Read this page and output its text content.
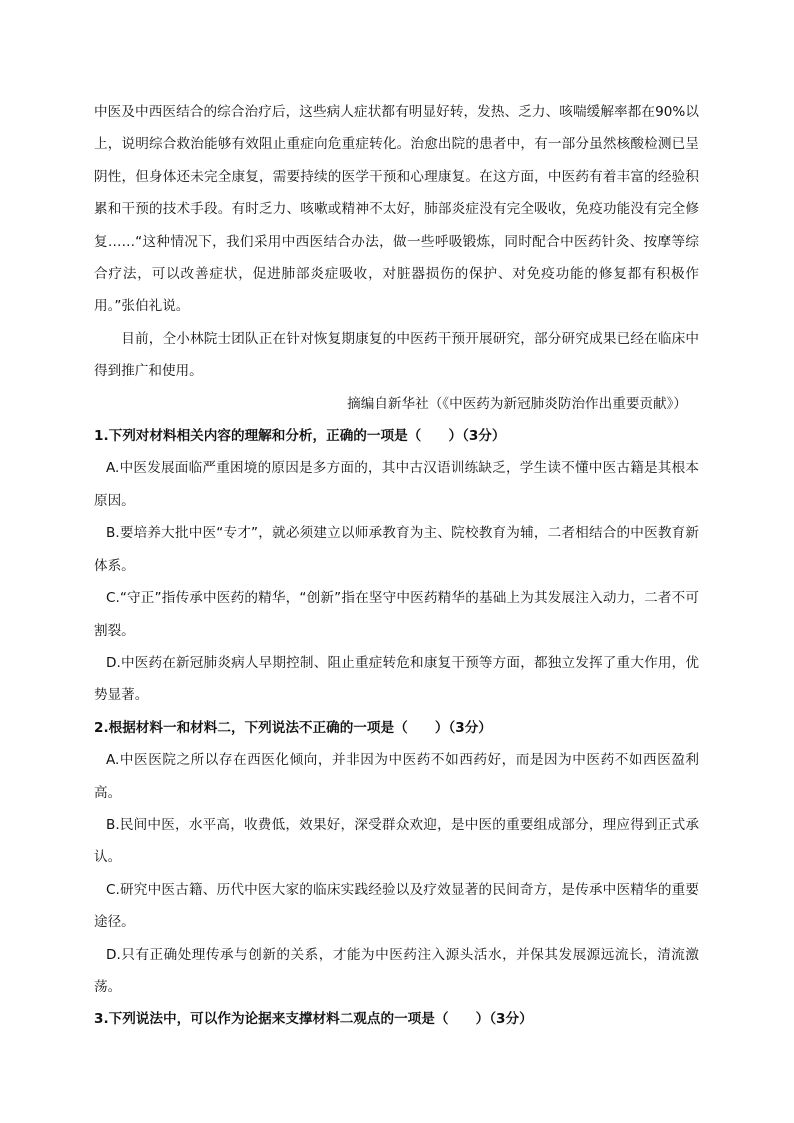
中医及中西医结合的综合治疗后，这些病人症状都有明显好转，发热、乏力、咳喘缓解率都在90%以上，说明综合救治能够有效阻止重症向危重症转化。治愈出院的患者中，有一部分虽然核酸检测已呈阴性，但身体还未完全康复，需要持续的医学干预和心理康复。在这方面，中医药有着丰富的经验积累和干预的技术手段。有时乏力、咳嗽或精神不太好，肺部炎症没有完全吸收，免疫功能没有完全修复……“这种情况下，我们采用中西医结合办法，做一些呼吸锻炼，同时配合中医药针灸、按摩等综合疗法，可以改善症状，促进肺部炎症吸收，对脏器损伤的保护、对免疫功能的修复都有积极作用。”张伯礼说。

目前，仝小林院士团队正在针对恢复期康复的中医药干预开展研究，部分研究成果已经在临床中得到推广和使用。

摘编自新华社（《中医药为新冠肺炎防治作出重要贡献》）

1.下列对材料相关内容的理解和分析，正确的一项是（　　）（3分）

A.中医发展面临严重困境的原因是多方面的，其中古汉语训练缺乏，学生读不懂中医古籍是其根本原因。

B.要培养大批中医“专才”，就必须建立以师承教育为主、院校教育为辅，二者相结合的中医教育新体系。

C.“守正”指传承中医药的精华，“创新”指在坚守中医药精华的基础上为其发展注入动力，二者不可割裂。

D.中医药在新冠肺炎病人早期控制、阻止重症转危和康复干预等方面，都独立发挥了重大作用，优势显著。

2.根据材料一和材料二，下列说法不正确的一项是（　　）（3分）

A.中医医院之所以存在西医化倾向，并非因为中医药不如西药好，而是因为中医药不如西医盈利高。

B.民间中医，水平高，收费低，效果好，深受群众欢迎，是中医的重要组成部分，理应得到正式承认。

C.研究中医古籍、历代中医大家的临床实践经验以及疗效显著的民间奇方，是传承中医精华的重要途径。

D.只有正确处理传承与创新的关系，才能为中医药注入源头活水，并保其发展源远流长，清流激荡。

3.下列说法中，可以作为论据来支撑材料二观点的一项是（　　）（3分）
